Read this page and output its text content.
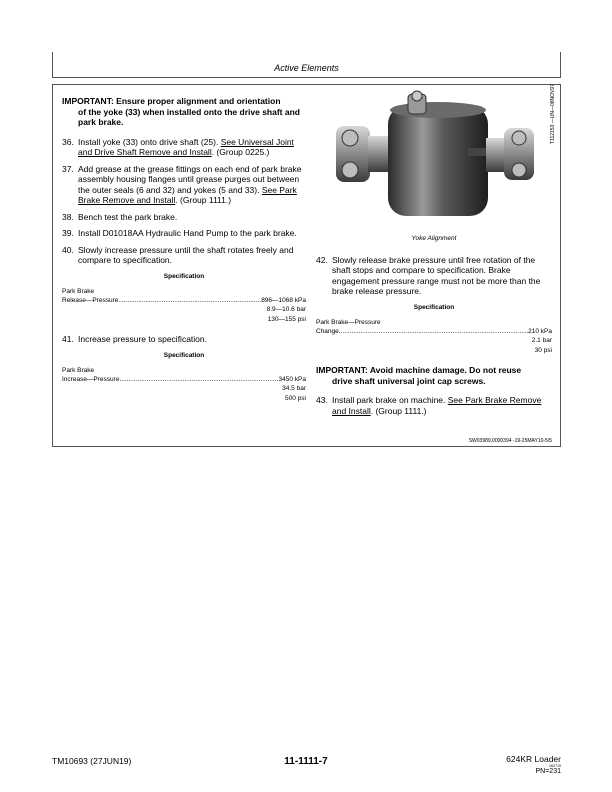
Active Elements
IMPORTANT: Ensure proper alignment and orientation
of the yoke (33) when installed onto the drive shaft and park brake.
36. Install yoke (33) onto drive shaft (25). See Universal Joint and Drive Shaft Remove and Install. (Group 0225.)
37. Add grease at the grease fittings on each end of park brake assembly housing flanges until grease purges out between the outer seals (6 and 32) and yokes (5 and 33). See Park Brake Remove and Install. (Group 1111.)
38. Bench test the park brake.
39. Install D01018AA Hydraulic Hand Pump to the park brake.
40. Slowly increase pressure until the shaft rotates freely and compare to specification.
Specification
Park Brake
Release—Pressure .....	896—1068 kPa
8.9—10.6 bar
130—155 psi
41. Increase pressure to specification.
Specification
Park Brake
Increase—Pressure .....	3450 kPa
34.5 bar
500 psi
T112153 —UN—08NOV97
Yoke Alignment
42. Slowly release brake pressure until free rotation of the shaft stops and compare to specification. Brake engagement pressure range must not be more than the brake release pressure.
Specification
Park Brake—Pressure
Change .....	210 kPa
2.1 bar
30 psi
IMPORTANT: Avoid machine damage. Do not reuse
drive shaft universal joint cap screws.
43. Install park brake on machine. See Park Brake Remove and Install. (Group 1111.)
SW03989,0000394 -19-25MAY10-5/5
TM10693 (27JUN19)	11-1111-7	624KR Loader
062719
PN=231
